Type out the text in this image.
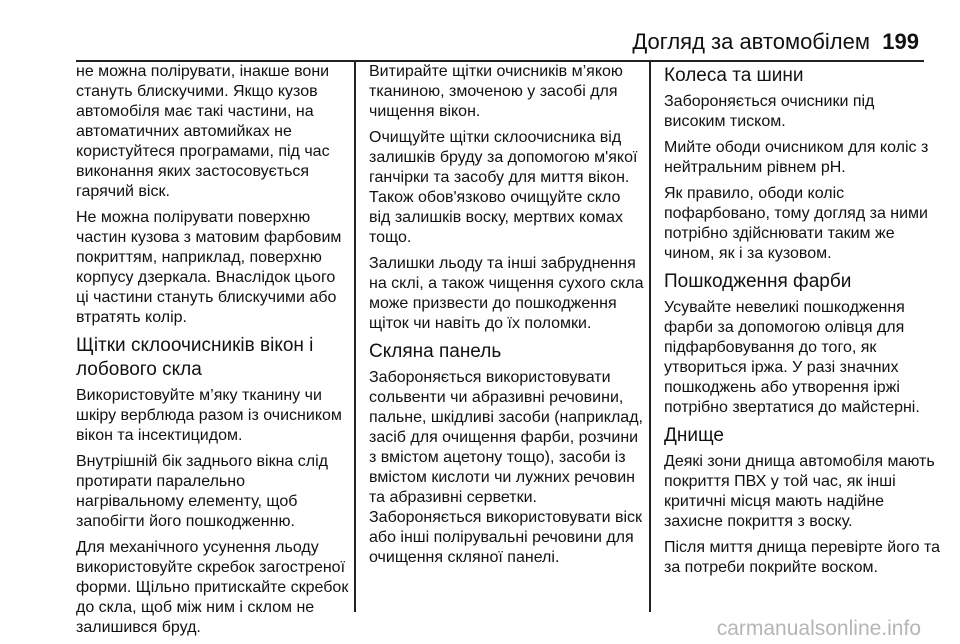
Догляд за автомобілем 199

не можна полірувати, інакше вони стануть блискучими. Якщо кузов автомобіля має такі частини, на автоматичних автомийках не користуйтеся програмами, під час виконання яких застосовується гарячий віск.

Не можна полірувати поверхню частин кузова з матовим фарбовим покриттям, наприклад, поверхню корпусу дзеркала. Внаслідок цього ці частини стануть блискучими або втратять колір.

Щітки склоочисників вікон і лобового скла

Використовуйте м’яку тканину чи шкіру верблюда разом із очисником вікон та інсектицидом.

Внутрішній бік заднього вікна слід протирати паралельно нагрівальному елементу, щоб запобігти його пошкодженню.

Для механічного усунення льоду використовуйте скребок загостреної форми. Щільно притискайте скребок до скла, щоб між ним і склом не залишився бруд.

Витирайте щітки очисників м’якою тканиною, змоченою у засобі для чищення вікон.

Очищуйте щітки склоочисника від залишків бруду за допомогою м'якої ганчірки та засобу для миття вікон. Також обов'язково очищуйте скло від залишків воску, мертвих комах тощо.

Залишки льоду та інші забруднення на склі, а також чищення сухого скла може призвести до пошкодження щіток чи навіть до їх поломки.

Скляна панель

Забороняється використовувати сольвенти чи абразивні речовини, пальне, шкідливі засоби (наприклад, засіб для очищення фарби, розчини з вмістом ацетону тощо), засоби із вмістом кислоти чи лужних речовин та абразивні серветки. Забороняється використовувати віск або інші полірувальні речовини для очищення скляної панелі.

Колеса та шини

Забороняється очисники під високим тиском.

Мийте ободи очисником для коліс з нейтральним рівнем pH.

Як правило, ободи коліс пофарбовано, тому догляд за ними потрібно здійснювати таким же чином, як і за кузовом.

Пошкодження фарби

Усувайте невеликі пошкодження фарби за допомогою олівця для підфарбовування до того, як утвориться іржа. У разі значних пошкоджень або утворення іржі потрібно звертатися до майстерні.

Днище

Деякі зони днища автомобіля мають покриття ПВХ у той час, як інші критичні місця мають надійне захисне покриття з воску.

Після миття днища перевірте його та за потреби покрийте воском.

carmanualsonline.info
